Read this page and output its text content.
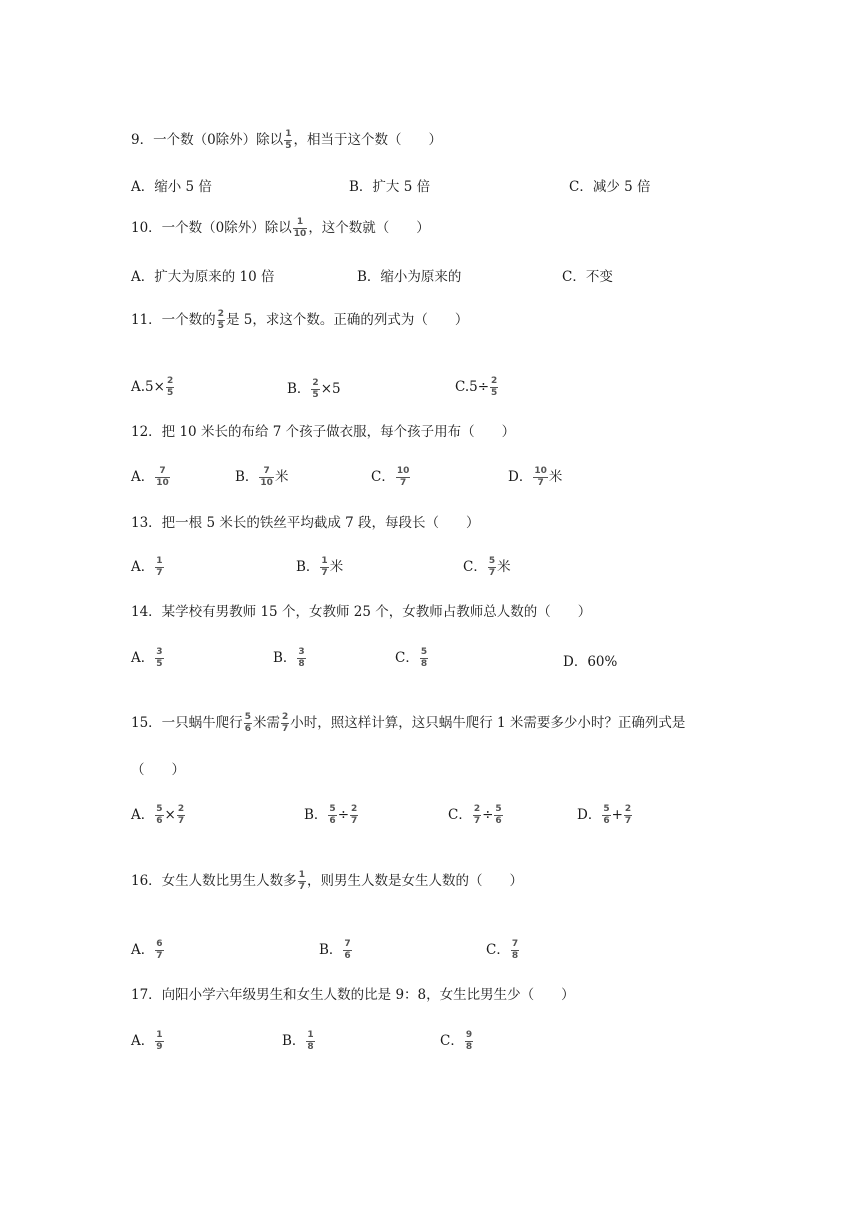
9．一个数（0除外）除以 $\frac{1}{5}$ ，相当于这个数（　　）
A．缩小 5 倍	B．扩大 5 倍	C．减少 5 倍
10．一个数（0除外）除以 $\frac{1}{10}$ ，这个数就（　　）
A．扩大为原来的 10 倍	B．缩小为原来的	C．不变
11．一个数的 $\frac{2}{5}$ 是 5，求这个数。正确的列式为（　　）
$A.5\times \frac{2}{5}$	B． $\frac{2}{5} \times 5$	$C.5\div \frac{2}{5}$
12．把 10 米长的布给 7 个孩子做衣服，每个孩子用布（　　）
A． $\frac{7}{10}$	B． $\frac{7}{10}$ 米	C． $\frac{10}{7}$	D． $\frac{10}{7}$ 米
13．把一根 5 米长的铁丝平均截成 7 段，每段长（　　）
A． $\frac{1}{7}$	B． $\frac{1}{7}$ 米	C． $\frac{5}{7}$ 米
14．某学校有男教师 15 个，女教师 25 个，女教师占教师总人数的（　　）
A． $\frac{3}{5}$	B． $\frac{3}{8}$	C． $\frac{5}{8}$	D．60%
15．一只蜗牛爬行 $\frac{5}{6}$ 米需 $\frac{2}{7}$ 小时，照这样计算，这只蜗牛爬行 1 米需要多少小时？正确列式是
（　　）
A． $\frac{5}{6} \times \frac{2}{7}$	B． $\frac{5}{6} \div \frac{2}{7}$	C． $\frac{2}{7} \div \frac{5}{6}$	D． $\frac{5}{6} + \frac{2}{7}$
16．女生人数比男生人数多 $\frac{1}{7}$ ，则男生人数是女生人数的（　　）
A． $\frac{6}{7}$	B． $\frac{7}{6}$	C． $\frac{7}{8}$
17．向阳小学六年级男生和女生人数的比是 9：8，女生比男生少（　　）
A． $\frac{1}{9}$	B． $\frac{1}{8}$	C． $\frac{9}{8}$
